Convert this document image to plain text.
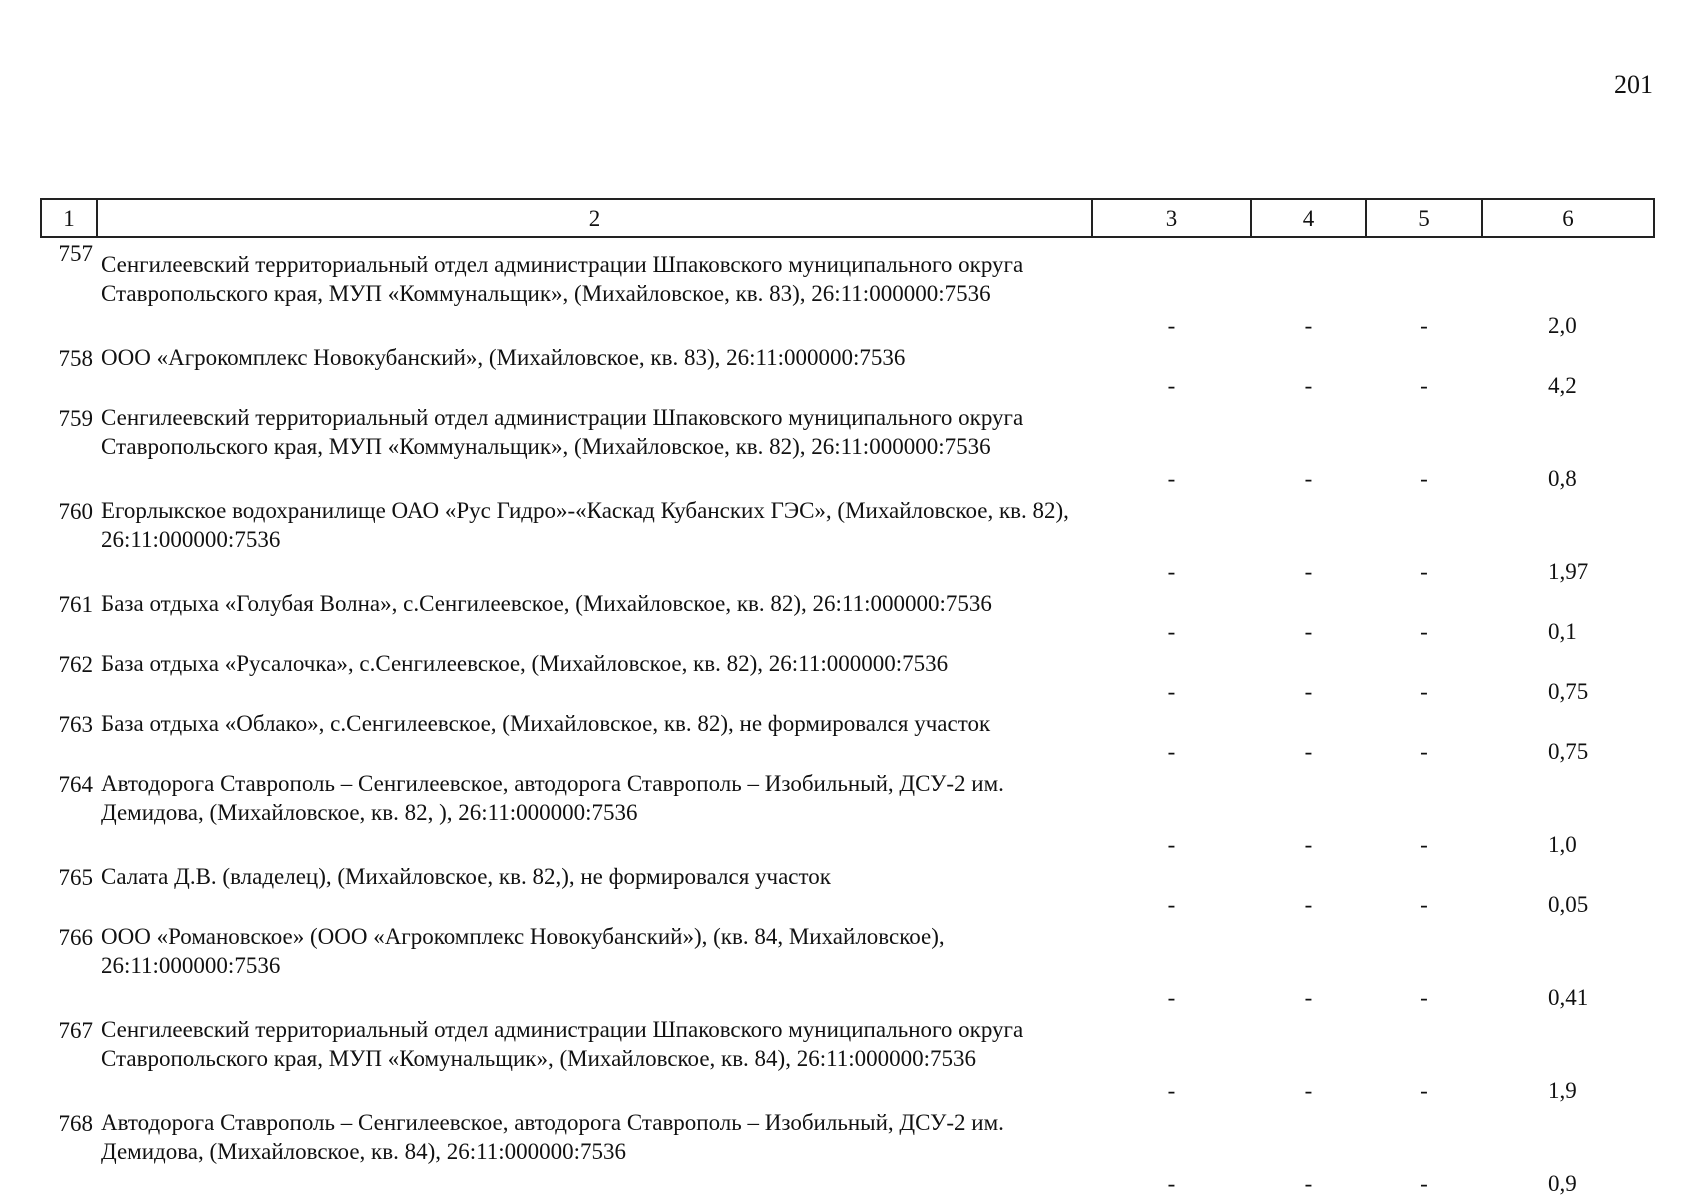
201
1	2	3	4	5	6
757	Сенгилеевский территориальный отдел администрации Шпаковского муниципального округа Ставропольского края, МУП «Коммунальщик», (Михайловское, кв. 83), 26:11:000000:7536	-	-	-	2,0
758	ООО «Агрокомплекс Новокубанский», (Михайловское, кв. 83), 26:11:000000:7536	-	-	-	4,2
759	Сенгилеевский территориальный отдел администрации Шпаковского муниципального округа Ставропольского края, МУП «Коммунальщик», (Михайловское, кв. 82), 26:11:000000:7536	-	-	-	0,8
760	Егорлыкское водохранилище ОАО «Рус Гидро»-«Каскад Кубанских ГЭС», (Михайловское, кв. 82), 26:11:000000:7536	-	-	-	1,97
761	База отдыха «Голубая Волна», с.Сенгилеевское, (Михайловское, кв. 82), 26:11:000000:7536	-	-	-	0,1
762	База отдыха «Русалочка», с.Сенгилеевское, (Михайловское, кв. 82), 26:11:000000:7536	-	-	-	0,75
763	База отдыха «Облако», с.Сенгилеевское, (Михайловское, кв. 82), не формировался участок	-	-	-	0,75
764	Автодорога Ставрополь – Сенгилеевское, автодорога Ставрополь – Изобильный, ДСУ-2 им. Демидова, (Михайловское, кв. 82, ), 26:11:000000:7536	-	-	-	1,0
765	Салата Д.В. (владелец), (Михайловское, кв. 82,), не формировался участок	-	-	-	0,05
766	ООО «Романовское» (ООО «Агрокомплекс Новокубанский»), (кв. 84, Михайловское), 26:11:000000:7536	-	-	-	0,41
767	Сенгилеевский территориальный отдел администрации Шпаковского муниципального округа Ставропольского края, МУП «Комунальщик», (Михайловское, кв. 84), 26:11:000000:7536	-	-	-	1,9
768	Автодорога Ставрополь – Сенгилеевское, автодорога Ставрополь – Изобильный, ДСУ-2 им. Демидова, (Михайловское, кв. 84), 26:11:000000:7536	-	-	-	0,9
